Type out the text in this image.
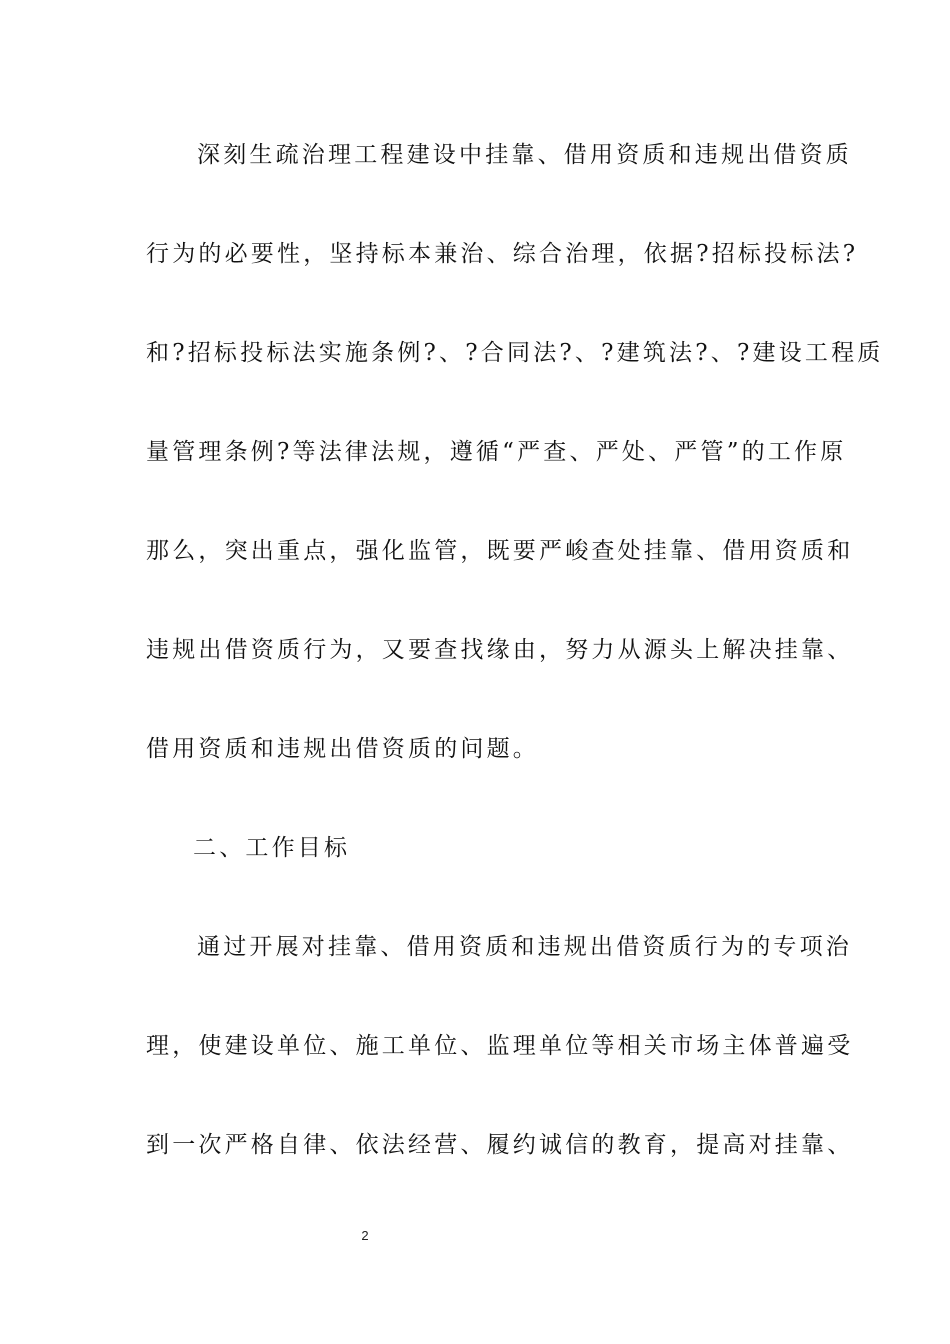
深刻生疏治理工程建设中挂靠、借用资质和违规出借资质
行为的必要性，坚持标本兼治、综合治理，依据?招标投标法?
和?招标投标法实施条例?、?合同法?、?建筑法?、?建设工程质
量管理条例?等法律法规，遵循“严查、严处、严管”的工作原
那么，突出重点，强化监管，既要严峻查处挂靠、借用资质和
违规出借资质行为，又要查找缘由，努力从源头上解决挂靠、
借用资质和违规出借资质的问题。
二、工作目标
通过开展对挂靠、借用资质和违规出借资质行为的专项治
理，使建设单位、施工单位、监理单位等相关市场主体普遍受
到一次严格自律、依法经营、履约诚信的教育，提高对挂靠、
2
